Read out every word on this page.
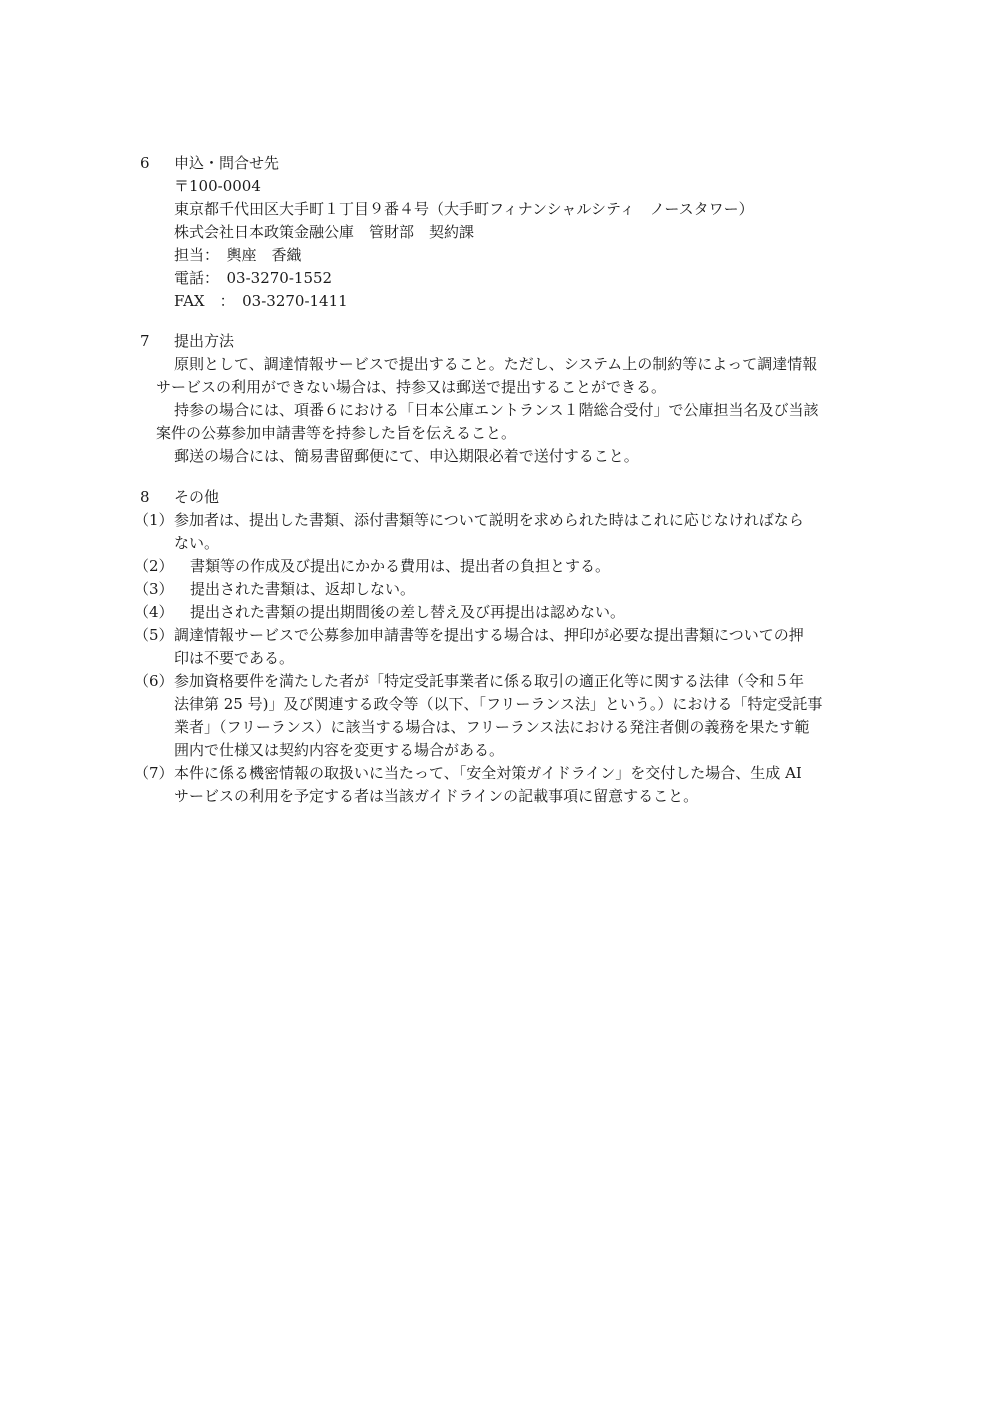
6 申込・問合せ先
〒100-0004
東京都千代田区大手町１丁目９番４号（大手町フィナンシャルシティ　ノースタワー）
株式会社日本政策金融公庫　管財部　契約課
担当：　輿座　香織
電話：　03-3270-1552
FAX　：　03-3270-1411
7 提出方法
原則として、調達情報サービスで提出すること。ただし、システム上の制約等によって調達情報
サービスの利用ができない場合は、持参又は郵送で提出することができる。
持参の場合には、項番６における「日本公庫エントランス１階総合受付」で公庫担当名及び当該
案件の公募参加申請書等を持参した旨を伝えること。
郵送の場合には、簡易書留郵便にて、申込期限必着で送付すること。
8 その他
（1） 参加者は、提出した書類、添付書類等について説明を求められた時はこれに応じなければなら
ない。
（2） 書類等の作成及び提出にかかる費用は、提出者の負担とする。
（3） 提出された書類は、返却しない。
（4） 提出された書類の提出期間後の差し替え及び再提出は認めない。
（5） 調達情報サービスで公募参加申請書等を提出する場合は、押印が必要な提出書類についての押
印は不要である。
（6） 参加資格要件を満たした者が「特定受託事業者に係る取引の適正化等に関する法律（令和５年
法律第 25 号)」及び関連する政令等（以下、「フリーランス法」という。）における「特定受託事
業者」（フリーランス）に該当する場合は、フリーランス法における発注者側の義務を果たす範
囲内で仕様又は契約内容を変更する場合がある。
（7） 本件に係る機密情報の取扱いに当たって、「安全対策ガイドライン」を交付した場合、生成 AI
サービスの利用を予定する者は当該ガイドラインの記載事項に留意すること。
